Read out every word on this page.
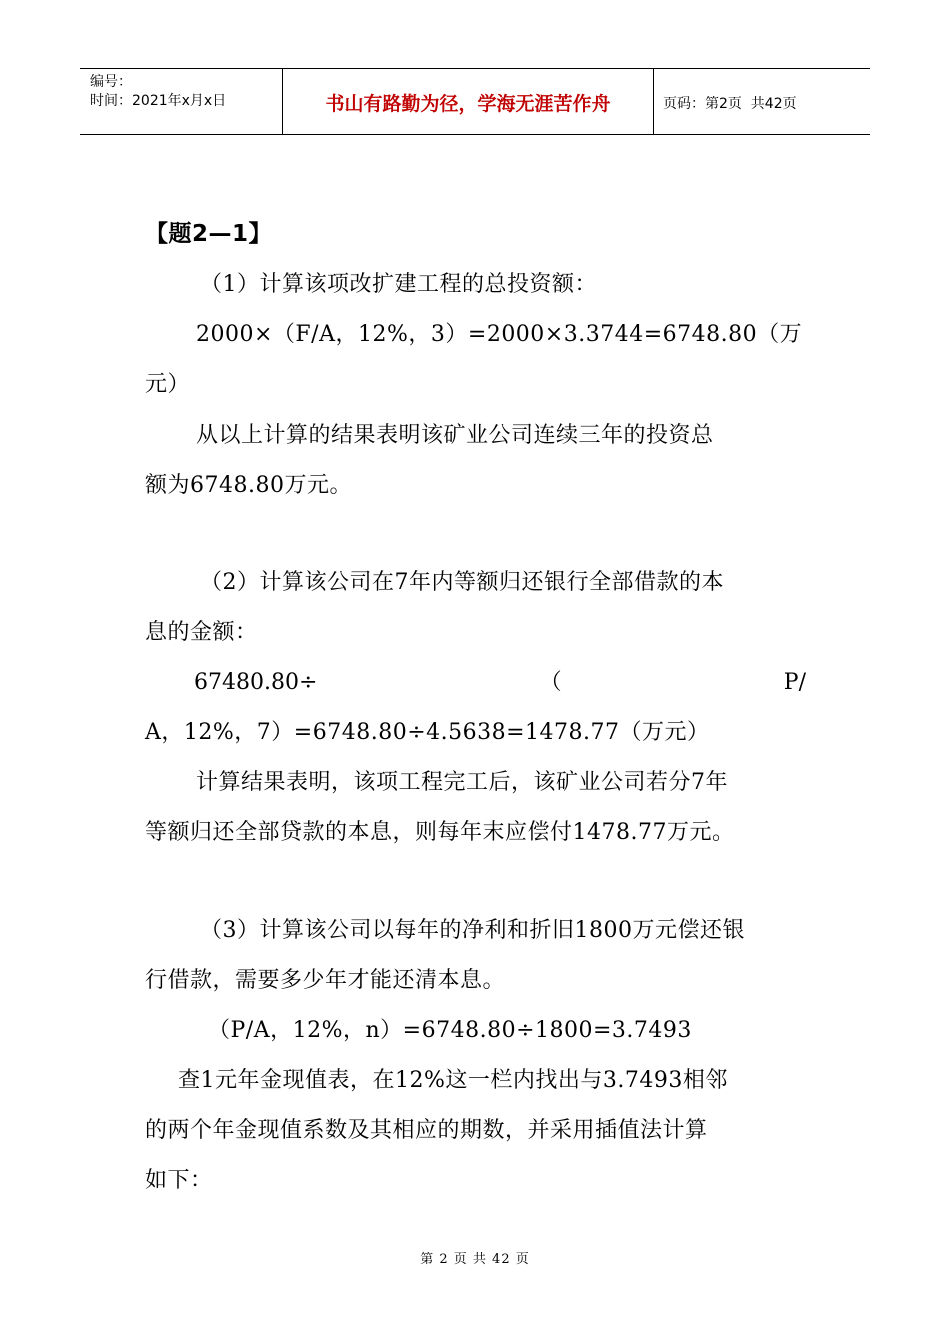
编号：
时间：2021年x月x日	书山有路勤为径，学海无涯苦作舟	页码：第2页  共42页
【题2—1】
（1）计算该项改扩建工程的总投资额：
2000×（F/A，12%，3）=2000×3.3744=6748.80（万
元）
从以上计算的结果表明该矿业公司连续三年的投资总
额为6748.80万元。
（2）计算该公司在7年内等额归还银行全部借款的本
息的金额：
67480.80÷	（	P/
A，12%，7）=6748.80÷4.5638=1478.77（万元）
计算结果表明，该项工程完工后，该矿业公司若分7年
等额归还全部贷款的本息，则每年末应偿付1478.77万元。
（3）计算该公司以每年的净利和折旧1800万元偿还银
行借款，需要多少年才能还清本息。
（P/A，12%，n）=6748.80÷1800=3.7493
查1元年金现值表，在12%这一栏内找出与3.7493相邻
的两个年金现值系数及其相应的期数，并采用插值法计算
如下：
第 2 页 共 42 页
